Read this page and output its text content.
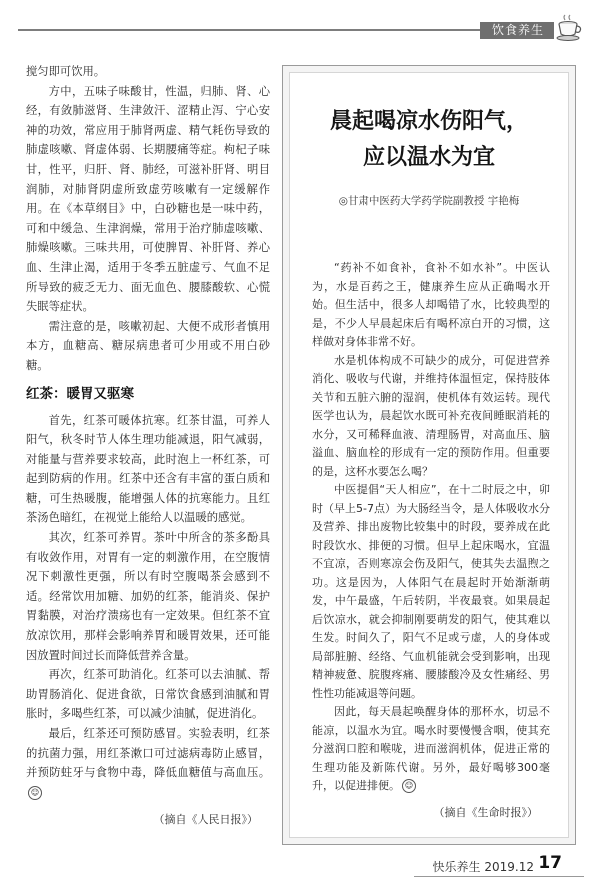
饮食养生

搅匀即可饮用。

方中，五味子味酸甘，性温，归肺、肾、心经，有敛肺滋肾、生津敛汗、涩精止泻、宁心安神的功效，常应用于肺肾两虚、精气耗伤导致的肺虚咳嗽、肾虚体弱、长期腰痛等症。枸杞子味甘，性平，归肝、肾、肺经，可滋补肝肾、明目润肺，对肺肾阴虚所致虚劳咳嗽有一定缓解作用。在《本草纲目》中，白砂糖也是一味中药，可和中缓急、生津润燥，常用于治疗肺虚咳嗽、肺燥咳嗽。三味共用，可使脾胃、补肝肾、养心血、生津止渴，适用于冬季五脏虚亏、气血不足所导致的疲乏无力、面无血色、腰膝酸软、心慌失眠等症状。

需注意的是，咳嗽初起、大便不成形者慎用本方，血糖高、糖尿病患者可少用或不用白砂糖。

红茶：暖胃又驱寒

首先，红茶可暖体抗寒。红茶甘温，可养人阳气，秋冬时节人体生理功能减退，阳气减弱，对能量与营养要求较高，此时泡上一杯红茶，可起到防病的作用。红茶中还含有丰富的蛋白质和糖，可生热暖腹，能增强人体的抗寒能力。且红茶汤色暗红，在视觉上能给人以温暖的感觉。

其次，红茶可养胃。茶叶中所含的茶多酚具有收敛作用，对胃有一定的刺激作用，在空腹情况下刺激性更强，所以有时空腹喝茶会感到不适。经常饮用加糖、加奶的红茶，能消炎、保护胃黏膜，对治疗溃疡也有一定效果。但红茶不宜放凉饮用，那样会影响养胃和暖胃效果，还可能因放置时间过长而降低营养含量。

再次，红茶可助消化。红茶可以去油腻、帮助胃肠消化、促进食欲，日常饮食感到油腻和胃胀时，多喝些红茶，可以减少油腻，促进消化。

最后，红茶还可预防感冒。实验表明，红茶的抗菌力强，用红茶漱口可过滤病毒防止感冒，并预防蛀牙与食物中毒，降低血糖值与高血压。☺

（摘自《人民日报》）
晨起喝凉水伤阳气，
应以温水为宜
◎甘肃中医药大学药学院副教授 宇艳梅

“药补不如食补，食补不如水补”。中医认为，水是百药之王，健康养生应从正确喝水开始。但生活中，很多人却喝错了水，比较典型的是，不少人早晨起床后有喝杯凉白开的习惯，这样做对身体非常不好。

水是机体构成不可缺少的成分，可促进营养消化、吸收与代谢，并维持体温恒定，保持肢体关节和五脏六腑的湿润，使机体有效运转。现代医学也认为，晨起饮水既可补充夜间睡眠消耗的水分，又可稀释血液、清理肠胃，对高血压、脑溢血、脑血栓的形成有一定的预防作用。但重要的是，这杯水要怎么喝？

中医提倡“天人相应”，在十二时辰之中，卯时（早上5-7点）为大肠经当令，是人体吸收水分及营养、排出废物比较集中的时段，要养成在此时段饮水、排便的习惯。但早上起床喝水，宜温不宜凉，否则寒凉会伤及阳气，使其失去温煦之功。这是因为，人体阳气在晨起时开始渐渐萌发，中午最盛，午后转阴，半夜最衰。如果晨起后饮凉水，就会抑制刚要萌发的阳气，使其难以生发。时间久了，阳气不足或亏虚，人的身体或局部脏腑、经络、气血机能就会受到影响，出现精神疲惫、脘腹疼痛、腰膝酸冷及女性痛经、男性性功能减退等问题。

因此，每天晨起唤醒身体的那杯水，切忌不能凉，以温水为宜。喝水时要慢慢含咽，使其充分滋润口腔和喉咙，进而滋润机体，促进正常的生理功能及新陈代谢。另外，最好喝够300毫升，以促进排便。 ☺

（摘自《生命时报》）
快乐养生 2019.12 17
